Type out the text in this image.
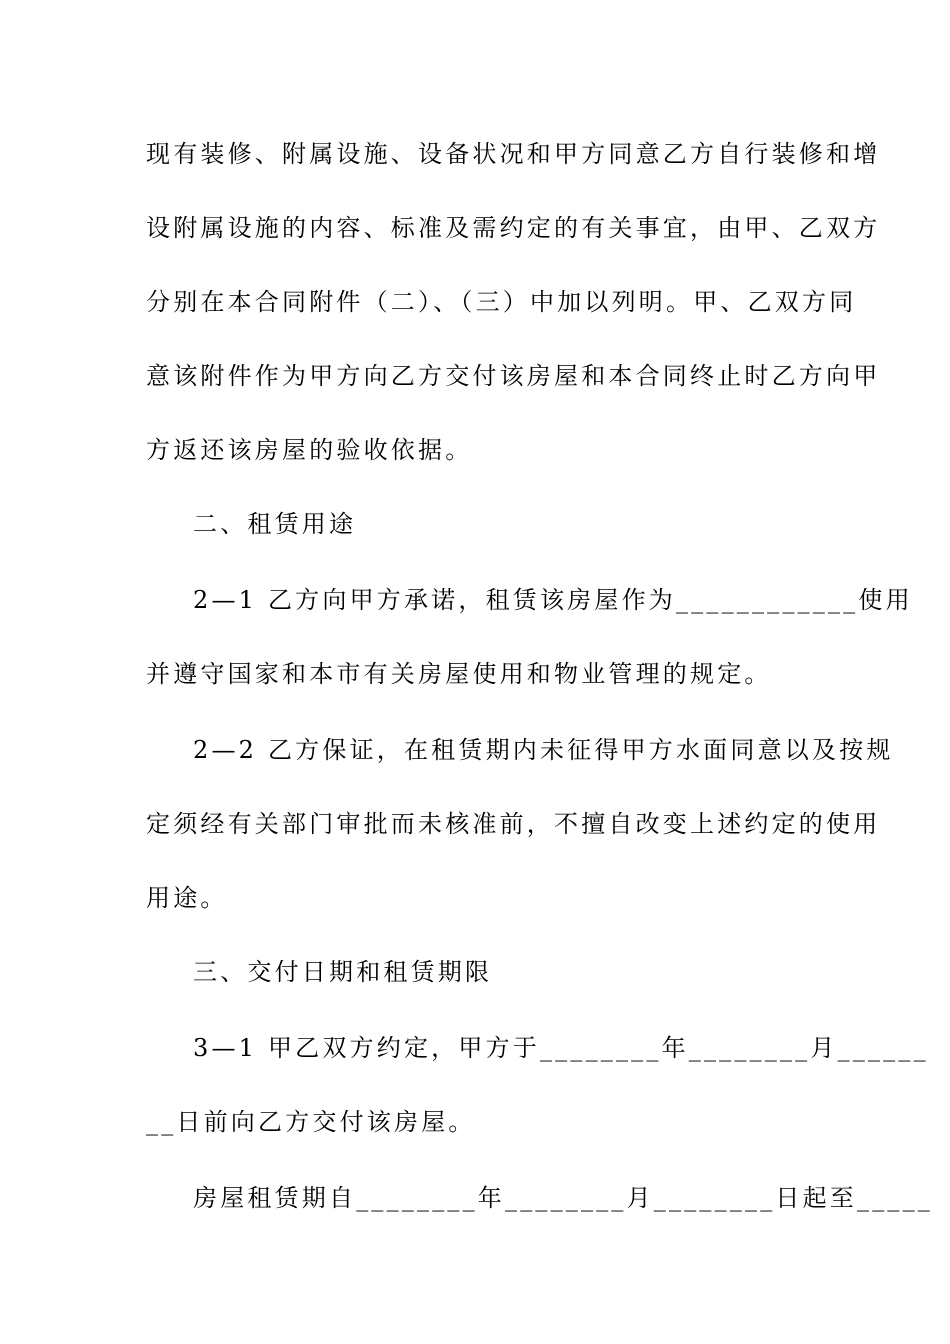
现有装修、附属设施、设备状况和甲方同意乙方自行装修和增
设附属设施的内容、标准及需约定的有关事宜，由甲、乙双方
分别在本合同附件（二）、（三）中加以列明。甲、乙双方同
意该附件作为甲方向乙方交付该房屋和本合同终止时乙方向甲
方返还该房屋的验收依据。
二、租赁用途
2—1 乙方向甲方承诺，租赁该房屋作为____________使用
并遵守国家和本市有关房屋使用和物业管理的规定。
2—2 乙方保证，在租赁期内未征得甲方水面同意以及按规
定须经有关部门审批而未核准前，不擅自改变上述约定的使用
用途。
三、交付日期和租赁期限
3—1 甲乙双方约定，甲方于________年________月______
__日前向乙方交付该房屋。
房屋租赁期自________年________月________日起至_____
